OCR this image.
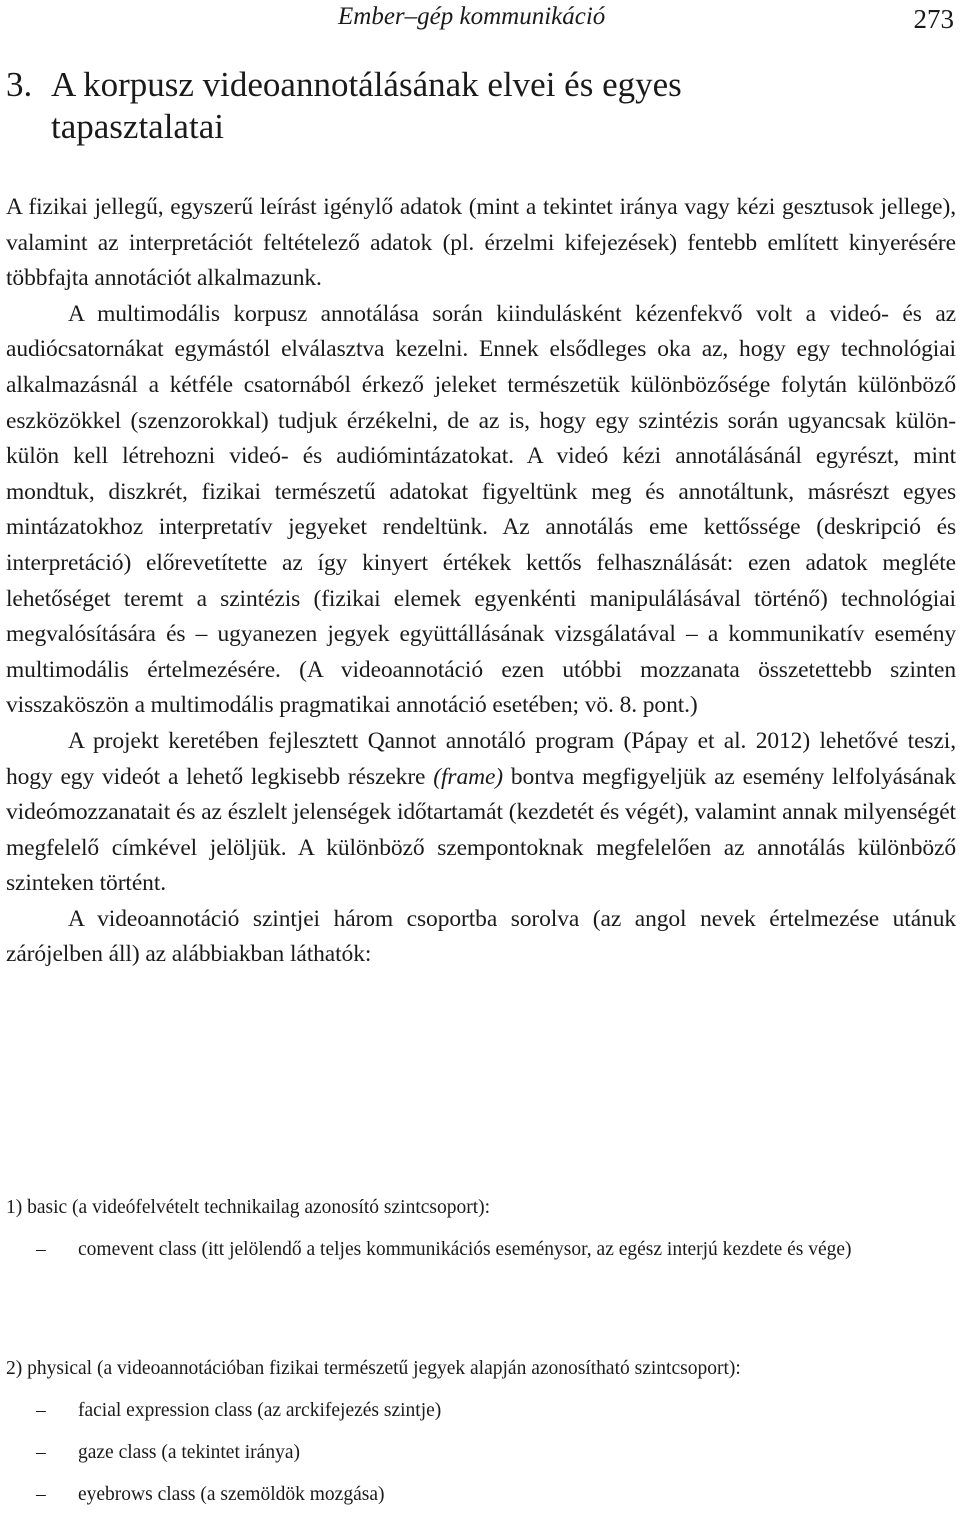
Ember–gép kommunikáció	273
3. A korpusz videoannotálásának elvei és egyes
tapasztalatai

A fizikai jellegű, egyszerű leírást igénylő adatok (mint a tekintet iránya vagy kézi gesztusok jellege), valamint az interpretációt feltételező adatok (pl. érzelmi kifejezések) fentebb említett kinyerésére többfajta annotációt alkalmazunk.

A multimodális korpusz annotálása során kiindulásként kézenfekvő volt a videó- és az audiócsatornákat egymástól elválasztva kezelni. Ennek elsődleges oka az, hogy egy technológiai alkalmazásnál a kétféle csatornából érkező jeleket természetük különbözősége folytán különböző eszközökkel (szenzorokkal) tudjuk érzékelni, de az is, hogy egy szintézis során ugyancsak külön-külön kell létrehozni videó- és audiómintázatokat. A videó kézi annotálásánál egyrészt, mint mondtuk, diszkrét, fizikai természetű adatokat figyeltünk meg és annotáltunk, másrészt egyes mintázatokhoz interpretatív jegyeket rendeltünk. Az annotálás eme kettőssége (deskripció és interpretáció) előrevetítette az így kinyert értékek kettős felhasználását: ezen adatok megléte lehetőséget teremt a szintézis (fizikai elemek egyenkénti manipulálásával történő) technológiai megvalósítására és – ugyanezen jegyek együttállásának vizsgálatával – a kommunikatív esemény multimodális értelmezésére. (A videoannotáció ezen utóbbi mozzanata összetettebb szinten visszaköszön a multimodális pragmatikai annotáció esetében; vö. 8. pont.)

A projekt keretében fejlesztett Qannot annotáló program (Pápay et al. 2012) lehetővé teszi, hogy egy videót a lehető legkisebb részekre (frame) bontva megfigyeljük az esemény lelfolyásának videómozzanatait és az észlelt jelenségek időtartamát (kezdetét és végét), valamint annak milyenségét megfelelő címkével jelöljük. A különböző szempontoknak megfelelően az annotálás különböző szinteken történt.

A videoannotáció szintjei három csoportba sorolva (az angol nevek értelmezése utánuk zárójelben áll) az alábbiakban láthatók:

1) basic (a videófelvételt technikailag azonosító szintcsoport):

– comevent class (itt jelölendő a teljes kommunikációs eseménysor, az egész interjú kezdete és vége)

2) physical (a videoannotációban fizikai természetű jegyek alapján azonosítható szintcsoport):

– facial expression class (az arckifejezés szintje)
– gaze class (a tekintet iránya)
– eyebrows class (a szemöldök mozgása)
